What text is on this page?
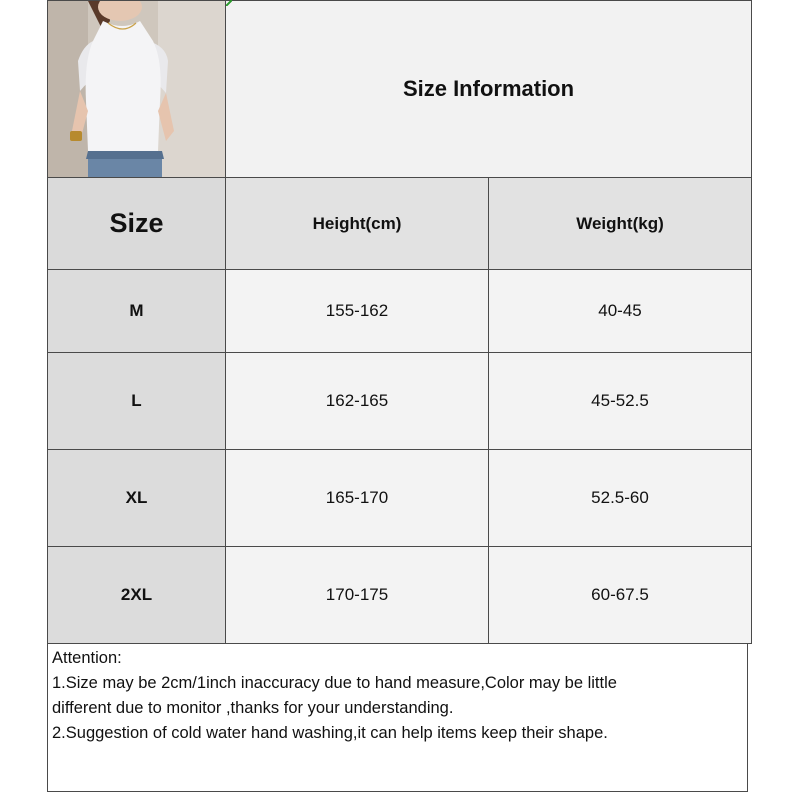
	Size Information	
Size	Height(cm)	Weight(kg)
M	155-162	40-45
L	162-165	45-52.5
XL	165-170	52.5-60
2XL	170-175	60-67.5
Attention:
1.Size may be 2cm/1inch inaccuracy due to hand measure,Color may be little
different due to monitor ,thanks for your understanding.
2.Suggestion of cold water hand washing,it can help items keep their shape.
